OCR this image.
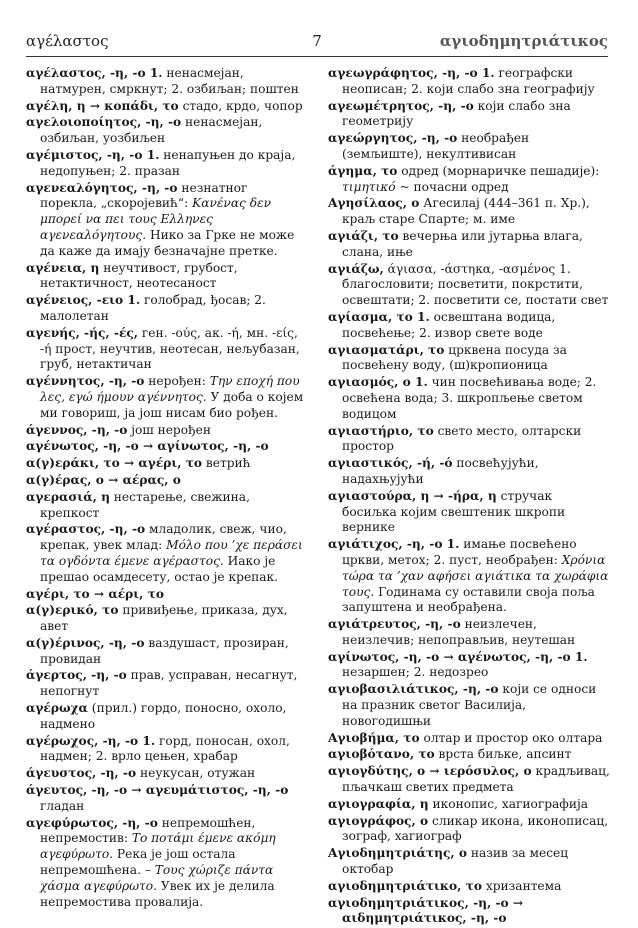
αγέλαστος	7	αγιοδημητριάτικος

αγέλαστος, -η, -ο 1. ненасмејан, натмурен, смркнут; 2. озбиљан; поштен

αγέλη, η → κοπάδι, το стадо, крдо, чопор

αγελοιοποίητος, -η, -ο ненасмејан, озбиљан, уозбиљен

αγέμιστος, -η, -ο 1. ненапуњен до краја, недопуњен; 2. празан

αγενεαλόγητος, -η, -ο незнатног порекла, „скоројевић“: Κανένας δεν μπορεί να πει τους Ελληνες αγενεαλόγητους. Нико за Грке не може да каже да имају безначајне претке.

αγένεια, η неучтивост, грубост, нетактичност, неотесаност

αγένειος, -ειο 1. голобрад, ђосав; 2. малолетан

αγενής, -ής, -ές, ген. -ούς, ак. -ή, мн. -είς, -ή прост, неучтив, неотесан, нељубазан, груб, нетактичан

αγέννητος, -η, -ο нерођен: Την εποχή που λες, εγώ ήμουν αγέννητος. У доба о којем ми говориш, ја још нисам био рођен.

άγεννος, -η, -ο још нерођен

αγένωτος, -η, -ο → αγίνωτος, -η, -ο

α(γ)εράκι, το → αγέρι, το ветрић

α(γ)έρας, ο → αέρας, ο

αγερασιά, η нестарење, свежина, крепкост

αγέραστος, -η, -ο младолик, свеж, чио, крепак, увек млад: Μόλο που ’χε περάσει τα ογδόντα έμενε αγέραστος. Иако је прешао осамдесету, остао је крепак.

αγέρι, το → αέρι, το

α(γ)ερικό, το привиђење, приказа, дух, авет

α(γ)έρινος, -η, -ο ваздушаст, прозиран, провидан

άγερτος, -η, -ο прав, усправан, несагнут, непогнут

αγέρωχα (прил.) гордо, поносно, охоло, надмено

αγέρωχος, -η, -ο 1. горд, поносан, охол, надмен; 2. врло цењен, храбар

άγευστος, -η, -ο неукусан, отужан

άγευτος, -η, -ο → αγευμάτιστος, -η, -ο гладан

αγεφύρωτος, -η, -ο непремошћен, непремостив: Το ποτάμι έμενε ακόμη αγεφύρωτο. Река је још остала непремошћена. – Τους χώριζε πάντα χάσμα αγεφύρωτο. Увек их је делила непремостива провалија.

αγεωγράφητος, -η, -ο 1. географски неописан; 2. који слабо зна географију

αγεωμέτρητος, -η, -ο који слабо зна геометрију

αγεώργητος, -η, -ο необрађен (земљиште), некултивисан

άγημα, το одред (морнаричке пешадије): τιμητικό ~ почасни одред

Αγησίλαος, ο Агесилај (444–361 п. Хр.), краљ старе Спарте; м. име

αγιάζι, το вечерња или јутарња влага, слана, иње

αγιάζω, άγιασα, -άστηκα, -ασμένος 1. благословити; посветити, покрстити, освештати; 2. посветити се, постати свет

αγίασμα, το 1. освештана водица, посвећење; 2. извор свете воде

αγιασματάρι, το црквена посуда за посвећену воду, (ш)кропионица

αγιασμός, ο 1. чин посвећивања воде; 2. освећена вода; 3. шкропљење светом водицом

αγιαστήριο, το свето место, олтарски простор

αγιαστικός, -ή, -ό посвећујући, надахњујући

αγιαστούρα, η → -ήρα, η стручак босиљка којим свештеник шкропи вернике

αγιάτιχος, -η, -ο 1. имање посвећено цркви, метох; 2. пуст, необрађен: Χρόνια τώρα τα ’χαν αφήσει αγιάτικα τα χωράφια τους. Годинама су оставили своја поља запуштена и необрађена.

αγιάτρευτος, -η, -ο неизлечен, неизлечив; непоправљив, неутешан

αγίνωτος, -η, -ο → αγένωτος, -η, -ο 1. незаршен; 2. недозрео

αγιοβασιλιάτικος, -η, -ο који се односи на празник светог Василија, новогодишњи

Αγιοβήμα, το олтар и простор око олтара

αγιοβότανο, το врста биљке, апсинт

αγιογδύτης, ο → ιερόσυλος, ο крадљивац, пљачкаш светих предмета

αγιογραφία, η иконопис, хагиографија

αγιογράφος, ο сликар икона, иконописац, зограф, хагиограф

Αγιοδημητριάτης, ο назив за месец октобар

αγιοδημητριάτικο, το хризантема

αγιοδημητριάτικος, -η, -ο → αιδημητριάτικος, -η, -ο
